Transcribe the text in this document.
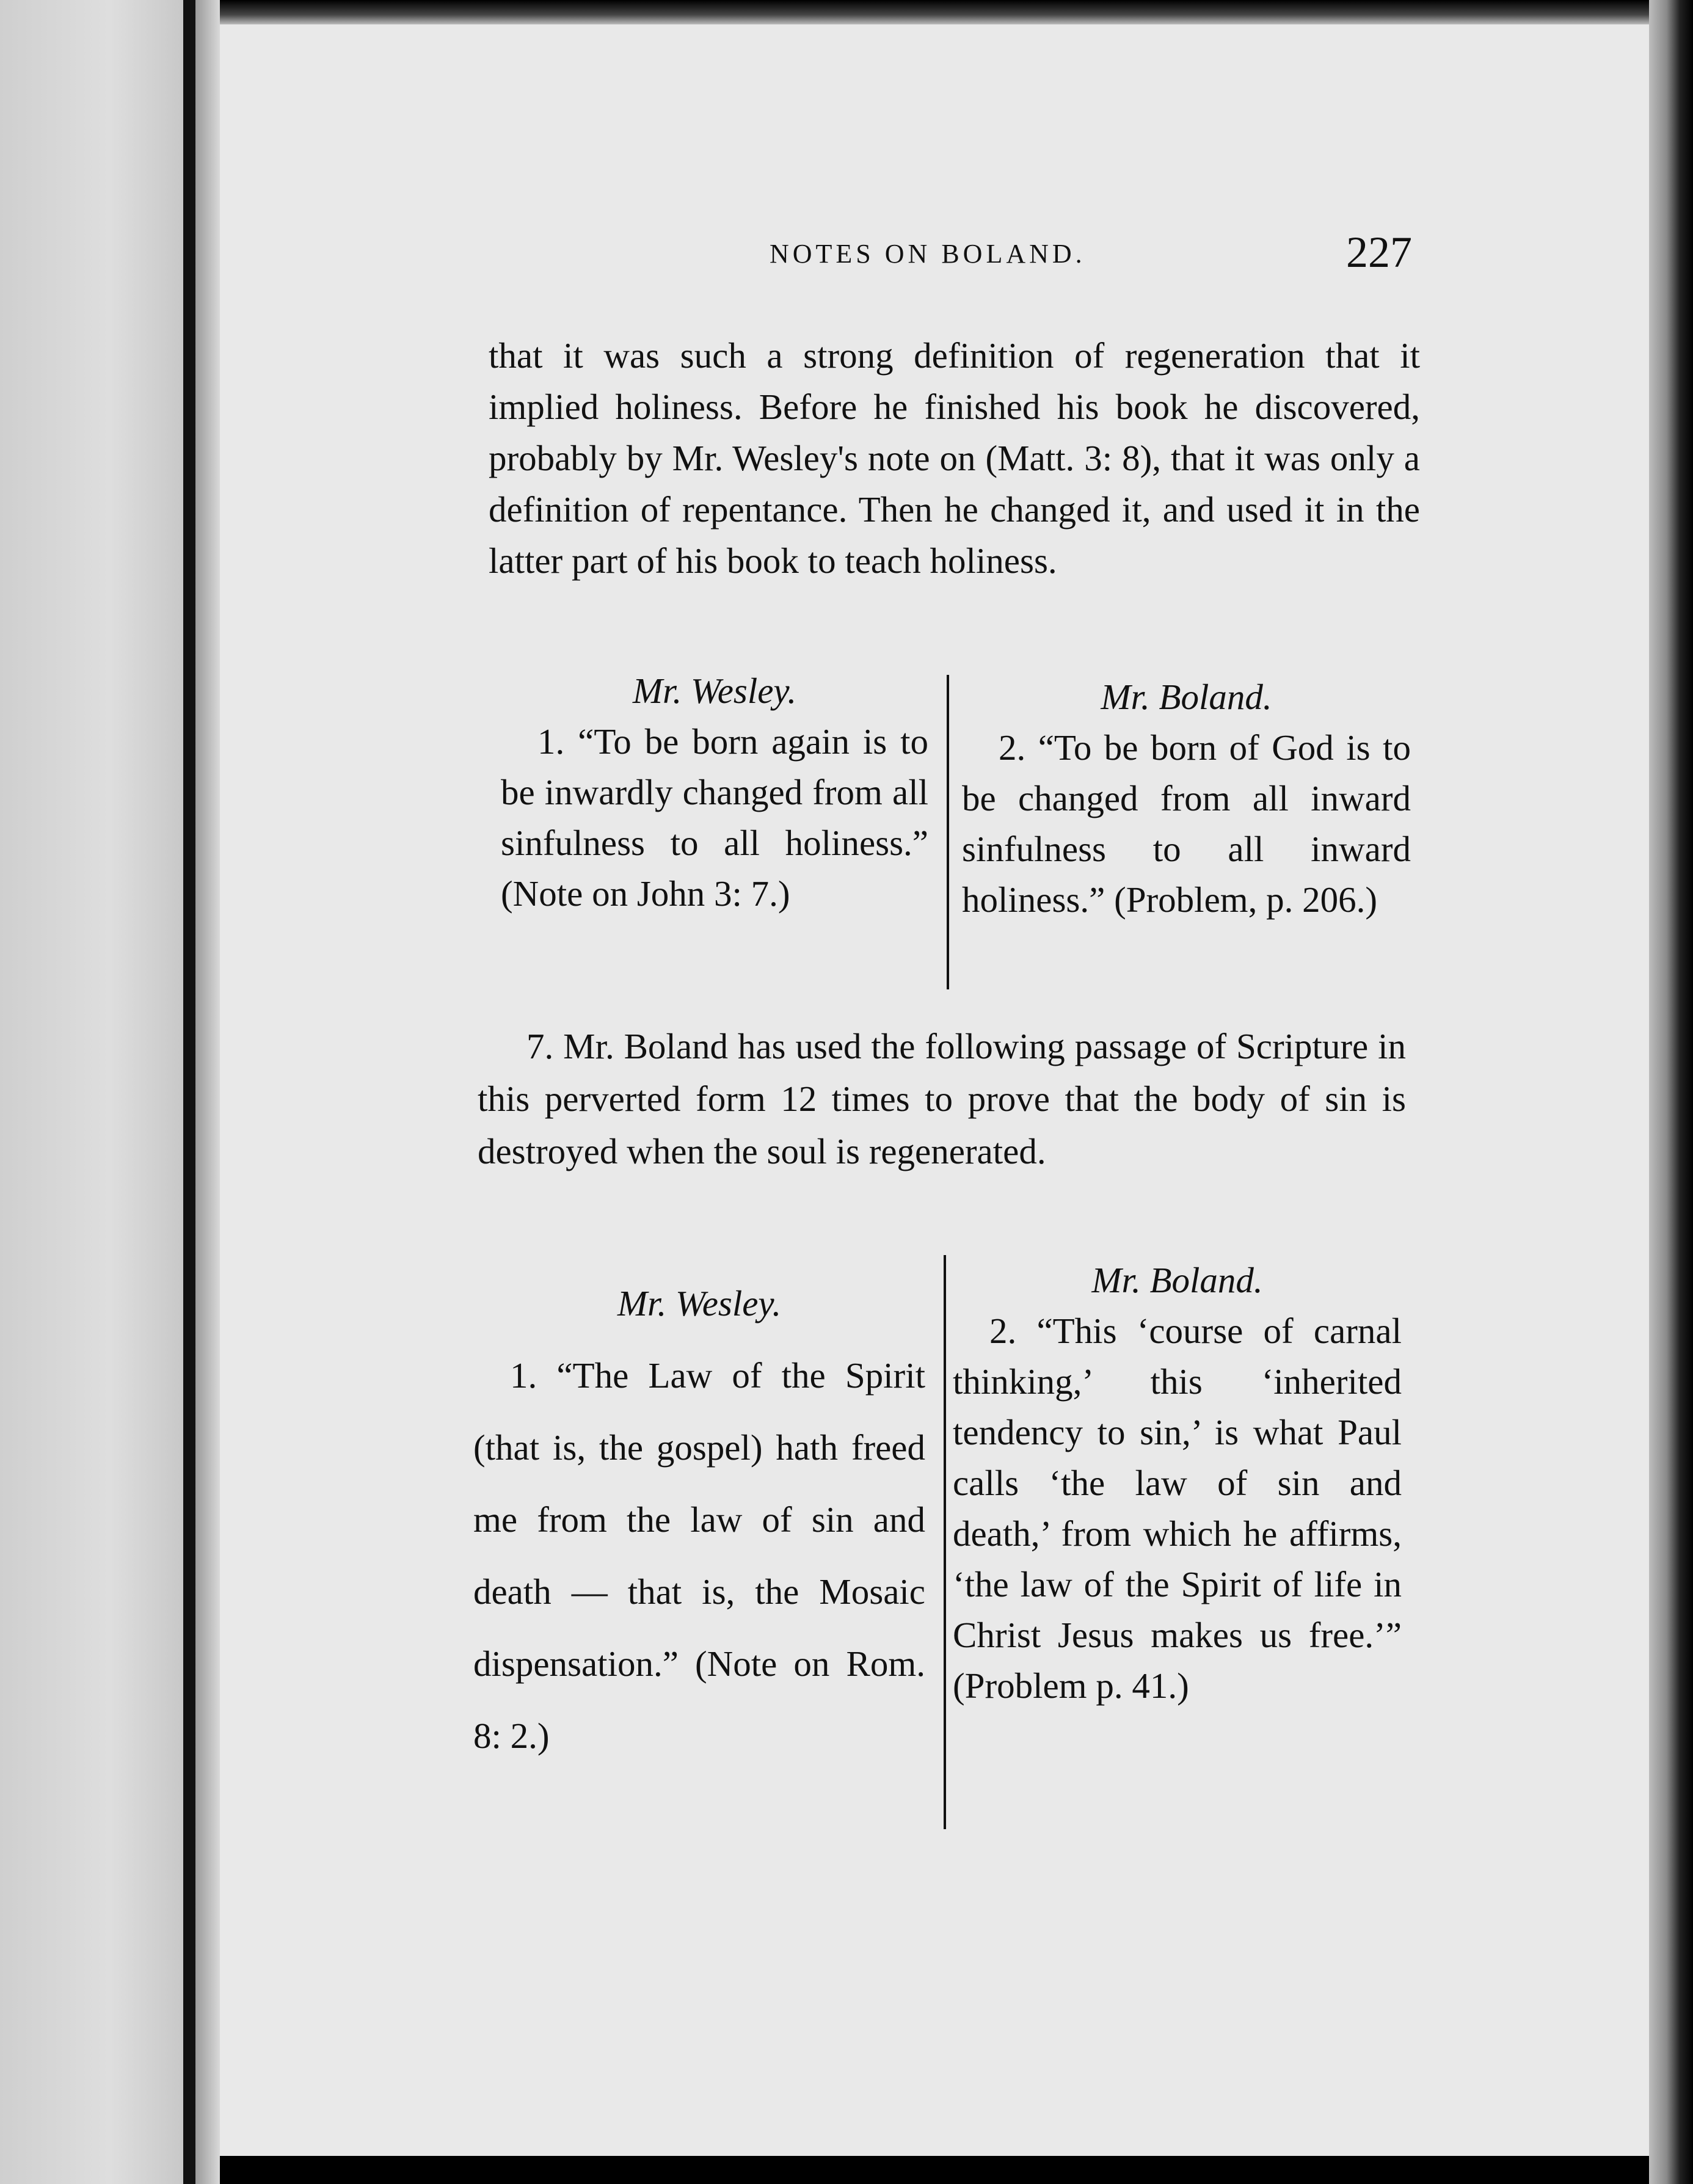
NOTES ON BOLAND.	227

that it was such a strong definition of regeneration that it implied holiness. Before he finished his book he discovered, probably by Mr. Wesley's note on (Matt. 3: 8), that it was only a definition of repentance. Then he changed it, and used it in the latter part of his book to teach holiness.

Mr. Wesley.

1. “To be born again is to be inwardly changed from all sinfulness to all holiness.” (Note on John 3: 7.)

Mr. Boland.

2. “To be born of God is to be changed from all inward sinfulness to all inward holiness.” (Problem, p. 206.)

7. Mr. Boland has used the following passage of Scripture in this perverted form 12 times to prove that the body of sin is destroyed when the soul is regenerated.

Mr. Wesley.

1. “The Law of the Spirit (that is, the gospel) hath freed me from the law of sin and death — that is, the Mosaic dispensation.” (Note on Rom. 8: 2.)

Mr. Boland.

2. “This ‘course of carnal thinking,’ this ‘inherited tendency to sin,’ is what Paul calls ‘the law of sin and death,’ from which he affirms, ‘the law of the Spirit of life in Christ Jesus makes us free.’” (Problem p. 41.)
